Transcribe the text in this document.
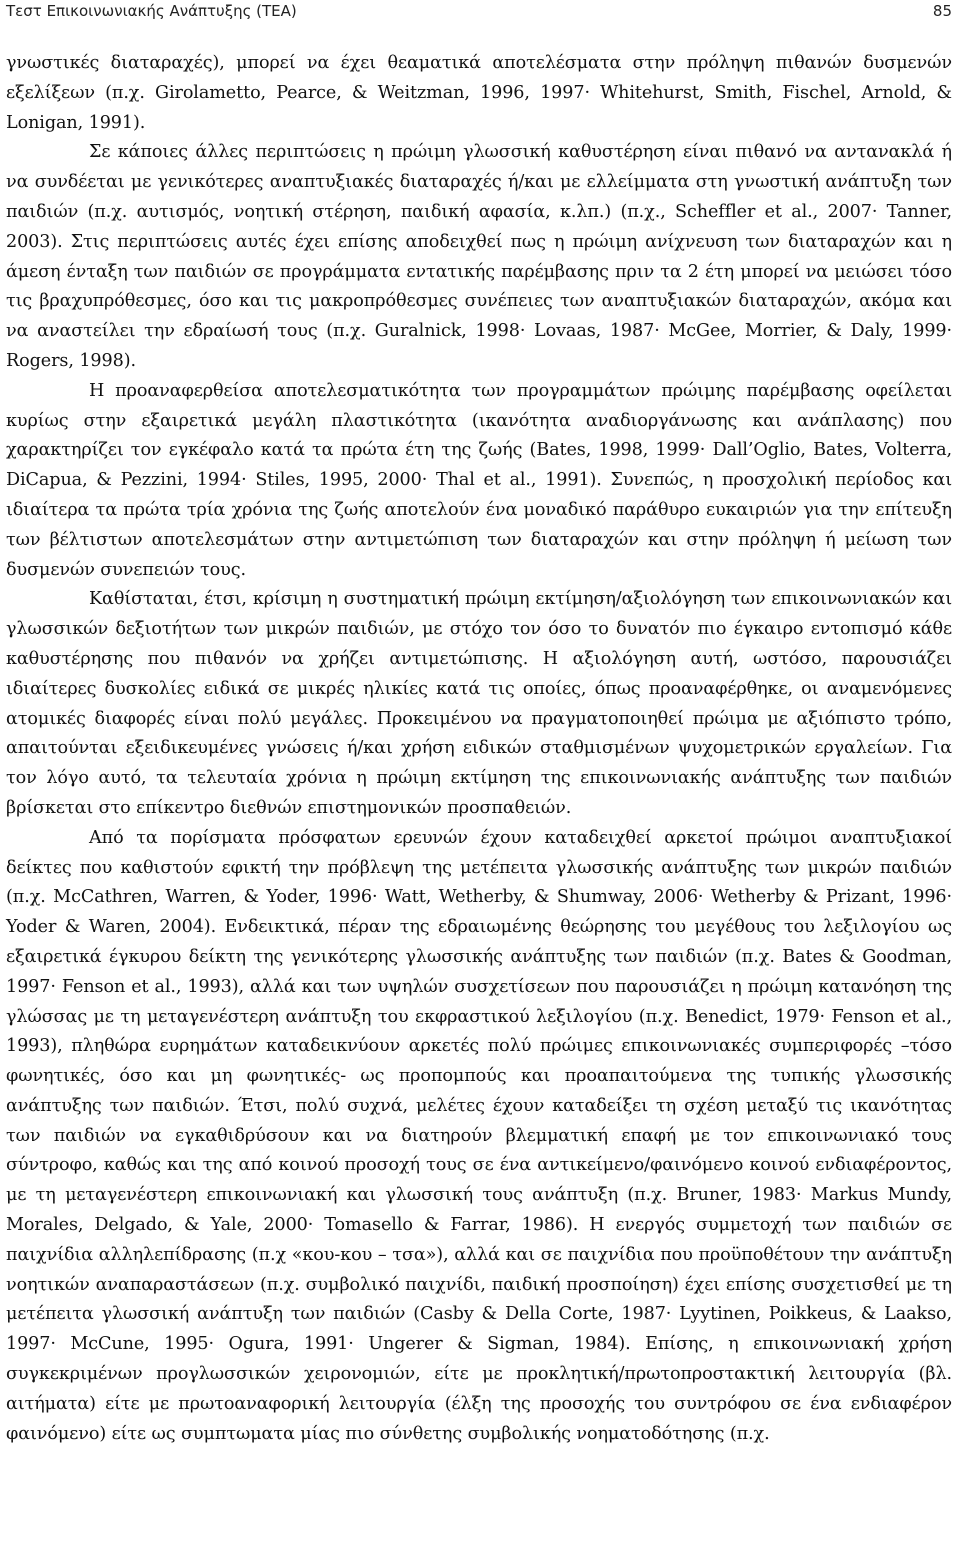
Τεστ Επικοινωνιακής Ανάπτυξης (ΤΕΑ)	85

γνωστικές διαταραχές), μπορεί να έχει θεαματικά αποτελέσματα στην πρόληψη πιθανών δυσμενών εξελίξεων (π.χ. Girolametto, Pearce, & Weitzman, 1996, 1997· Whitehurst, Smith, Fischel, Arnold, & Lonigan, 1991).

Σε κάποιες άλλες περιπτώσεις η πρώιμη γλωσσική καθυστέρηση είναι πιθανό να αντανακλά ή να συνδέεται με γενικότερες αναπτυξιακές διαταραχές ή/και με ελλείμματα στη γνωστική ανάπτυξη των παιδιών (π.χ. αυτισμός, νοητική στέρηση, παιδική αφασία, κ.λπ.) (π.χ., Scheffler et al., 2007· Tanner, 2003). Στις περιπτώσεις αυτές έχει επίσης αποδειχθεί πως η πρώιμη ανίχνευση των διαταραχών και η άμεση ένταξη των παιδιών σε προγράμματα εντατικής παρέμβασης πριν τα 2 έτη μπορεί να μειώσει τόσο τις βραχυπρόθεσμες, όσο και τις μακροπρόθεσμες συνέπειες των αναπτυξιακών διαταραχών, ακόμα και να αναστείλει την εδραίωσή τους (π.χ. Guralnick, 1998· Lovaas, 1987· McGee, Morrier, & Daly, 1999· Rogers, 1998).

Η προαναφερθείσα αποτελεσματικότητα των προγραμμάτων πρώιμης παρέμβασης οφείλεται κυρίως στην εξαιρετικά μεγάλη πλαστικότητα (ικανότητα αναδιοργάνωσης και ανάπλασης) που χαρακτηρίζει τον εγκέφαλο κατά τα πρώτα έτη της ζωής (Bates, 1998, 1999· Dall’Oglio, Bates, Volterra, DiCapua, & Pezzini, 1994· Stiles, 1995, 2000· Thal et al., 1991). Συνεπώς, η προσχολική περίοδος και ιδιαίτερα τα πρώτα τρία χρόνια της ζωής αποτελούν ένα μοναδικό παράθυρο ευκαιριών για την επίτευξη των βέλτιστων αποτελεσμάτων στην αντιμετώπιση των διαταραχών και στην πρόληψη ή μείωση των δυσμενών συνεπειών τους.

Καθίσταται, έτσι, κρίσιμη η συστηματική πρώιμη εκτίμηση/αξιολόγηση των επικοινωνιακών και γλωσσικών δεξιοτήτων των μικρών παιδιών, με στόχο τον όσο το δυνατόν πιο έγκαιρο εντοπισμό κάθε καθυστέρησης που πιθανόν να χρήζει αντιμετώπισης. Η αξιολόγηση αυτή, ωστόσο, παρουσιάζει ιδιαίτερες δυσκολίες ειδικά σε μικρές ηλικίες κατά τις οποίες, όπως προαναφέρθηκε, οι αναμενόμενες ατομικές διαφορές είναι πολύ μεγάλες. Προκειμένου να πραγματοποιηθεί πρώιμα με αξιόπιστο τρόπο, απαιτούνται εξειδικευμένες γνώσεις ή/και χρήση ειδικών σταθμισμένων ψυχομετρικών εργαλείων. Για τον λόγο αυτό, τα τελευταία χρόνια η πρώιμη εκτίμηση της επικοινωνιακής ανάπτυξης των παιδιών βρίσκεται στο επίκεντρο διεθνών επιστημονικών προσπαθειών.

Από τα πορίσματα πρόσφατων ερευνών έχουν καταδειχθεί αρκετοί πρώιμοι αναπτυξιακοί δείκτες που καθιστούν εφικτή την πρόβλεψη της μετέπειτα γλωσσικής ανάπτυξης των μικρών παιδιών (π.χ. McCathren, Warren, & Yoder, 1996· Watt, Wetherby, & Shumway, 2006· Wetherby & Prizant, 1996· Yoder & Waren, 2004). Ενδεικτικά, πέραν της εδραιωμένης θεώρησης του μεγέθους του λεξιλογίου ως εξαιρετικά έγκυρου δείκτη της γενικότερης γλωσσικής ανάπτυξης των παιδιών (π.χ. Bates & Goodman, 1997· Fenson et al., 1993), αλλά και των υψηλών συσχετίσεων που παρουσιάζει η πρώιμη κατανόηση της γλώσσας με τη μεταγενέστερη ανάπτυξη του εκφραστικού λεξιλογίου (π.χ. Benedict, 1979· Fenson et al., 1993), πληθώρα ευρημάτων καταδεικνύουν αρκετές πολύ πρώιμες επικοινωνιακές συμπεριφορές –τόσο φωνητικές, όσο και μη φωνητικές- ως προπομπούς και προαπαιτούμενα της τυπικής γλωσσικής ανάπτυξης των παιδιών. Έτσι, πολύ συχνά, μελέτες έχουν καταδείξει τη σχέση μεταξύ τις ικανότητας των παιδιών να εγκαθιδρύσουν και να διατηρούν βλεμματική επαφή με τον επικοινωνιακό τους σύντροφο, καθώς και της από κοινού προσοχή τους σε ένα αντικείμενο/φαινόμενο κοινού ενδιαφέροντος, με τη μεταγενέστερη επικοινωνιακή και γλωσσική τους ανάπτυξη (π.χ. Bruner, 1983· Markus Mundy, Morales, Delgado, & Yale, 2000· Tomasello & Farrar, 1986). Η ενεργός συμμετοχή των παιδιών σε παιχνίδια αλληλεπίδρασης (π.χ «κου-κου – τσα»), αλλά και σε παιχνίδια που προϋποθέτουν την ανάπτυξη νοητικών αναπαραστάσεων (π.χ. συμβολικό παιχνίδι, παιδική προσποίηση) έχει επίσης συσχετισθεί με τη μετέπειτα γλωσσική ανάπτυξη των παιδιών (Casby & Della Corte, 1987· Lyytinen, Poikkeus, & Laakso, 1997· McCune, 1995· Ogura, 1991· Ungerer & Sigman, 1984). Επίσης, η επικοινωνιακή χρήση συγκεκριμένων προγλωσσικών χειρονομιών, είτε με προκλητική/πρωτοπροστακτική λειτουργία (βλ. αιτήματα) είτε με πρωτοαναφορική λειτουργία (έλξη της προσοχής του συντρόφου σε ένα ενδιαφέρον φαινόμενο) είτε ως συμπτωματα μίας πιο σύνθετης συμβολικής νοηματοδότησης (π.χ.
